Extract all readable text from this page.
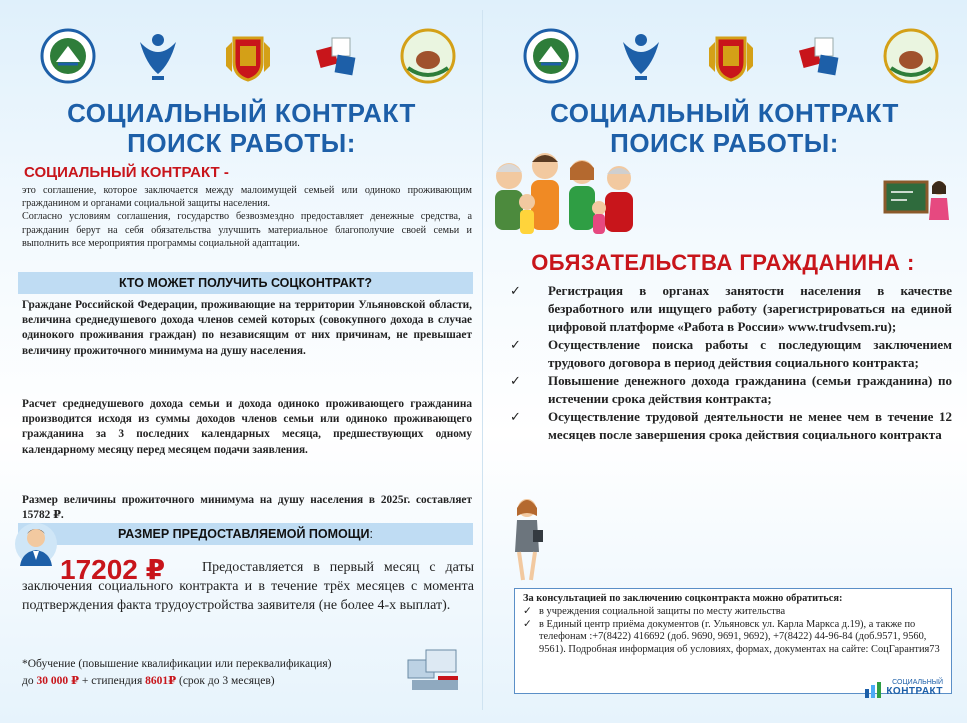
СОЦИАЛЬНЫЙ КОНТРАКТ
ПОИСК РАБОТЫ:
СОЦИАЛЬНЫЙ КОНТРАКТ -

это соглашение, которое заключается между малоимущей семьей или одиноко проживающим гражданином и органами социальной защиты населения.

Согласно условиям соглашения, государство безвозмездно предоставляет денежные средства, а гражданин берут на себя обязательства улучшить материальное благополучие своей семьи и выполнить все мероприятия программы социальной адаптации.

КТО МОЖЕТ ПОЛУЧИТЬ СОЦКОНТРАКТ?
Граждане Российской Федерации, проживающие на территории Ульяновской области, величина среднедушевого дохода членов семей которых (совокупного дохода в случае одинокого проживания граждан) по независящим от них причинам, не превышает величину прожиточного минимума на душу населения.
Расчет среднедушевого дохода семьи и дохода одиноко проживающего гражданина производится исходя из суммы доходов членов семьи или одиноко проживающего гражданина за 3 последних календарных месяца, предшествующих одному календарному месяцу перед месяцем подачи заявления.
Размер величины прожиточного минимума на душу населения в 2025г. составляет 15782 ₽.
РАЗМЕР ПРЕДОСТАВЛЯЕМОЙ ПОМОЩИ:
Предоставляется в первый месяц с даты заключения социального контракта и в течение трёх месяцев с момента подтверждения факта трудоустройства заявителя (не более 4-х выплат).
17202 ₽
*Обучение (повышение квалификации или переквалификация)
до 30 000 ₽ + стипендия 8601₽ (срок до 3 месяцев)
СОЦИАЛЬНЫЙ КОНТРАКТ
ПОИСК РАБОТЫ:
ОБЯЗАТЕЛЬСТВА ГРАЖДАНИНА :
✓ Регистрация в органах занятости населения в качестве безработного или ищущего работу (зарегистрироваться на единой цифровой платформе «Работа в России» www.trudvsem.ru);
✓ Осуществление поиска работы с последующим заключением трудового договора в период действия социального контракта;
✓ Повышение денежного дохода гражданина (семьи гражданина) по истечении срока действия контракта;
✓ Осуществление трудовой деятельности не менее чем в течение 12 месяцев после завершения срока действия социального контракта
За консультацией по заключению соцконтракта можно обратиться:
✓ в учреждения социальной защиты по месту жительства
✓ в Единый центр приёма документов (г. Ульяновск ул. Карла Маркса д.19), а также по телефонам :+7(8422) 416692 (доб. 9690, 9691, 9692), +7(8422) 44-96-84 (доб.9571, 9560, 9561). Подробная информация об условиях, формах, документах на сайте: СоцГарантия73
СОЦИАЛЬНЫЙ
КОНТРАКТ
